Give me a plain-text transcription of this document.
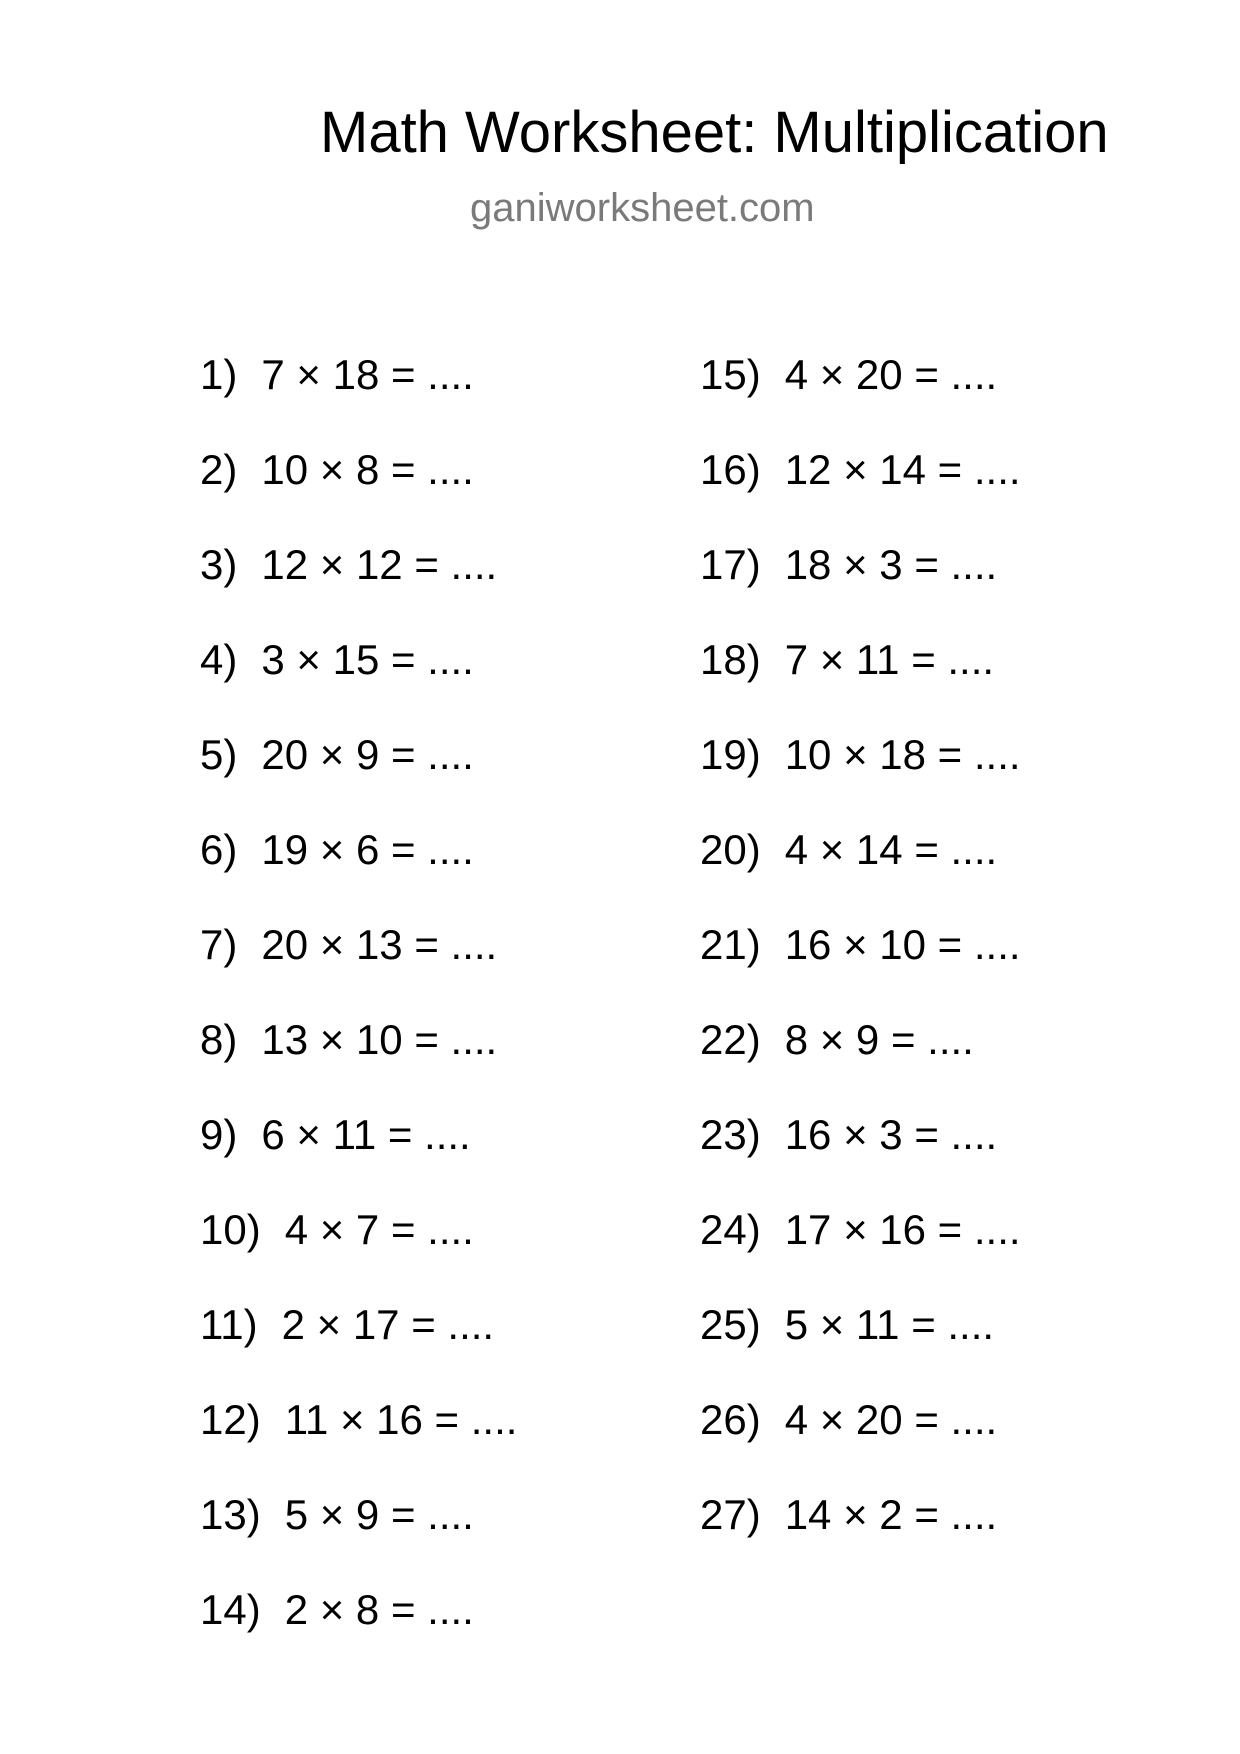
Math Worksheet: Multiplication
ganiworksheet.com
1) 7 × 18 = ....
2) 10 × 8 = ....
3) 12 × 12 = ....
4) 3 × 15 = ....
5) 20 × 9 = ....
6) 19 × 6 = ....
7) 20 × 13 = ....
8) 13 × 10 = ....
9) 6 × 11 = ....
10) 4 × 7 = ....
11) 2 × 17 = ....
12) 11 × 16 = ....
13) 5 × 9 = ....
14) 2 × 8 = ....
15) 4 × 20 = ....
16) 12 × 14 = ....
17) 18 × 3 = ....
18) 7 × 11 = ....
19) 10 × 18 = ....
20) 4 × 14 = ....
21) 16 × 10 = ....
22) 8 × 9 = ....
23) 16 × 3 = ....
24) 17 × 16 = ....
25) 5 × 11 = ....
26) 4 × 20 = ....
27) 14 × 2 = ....
